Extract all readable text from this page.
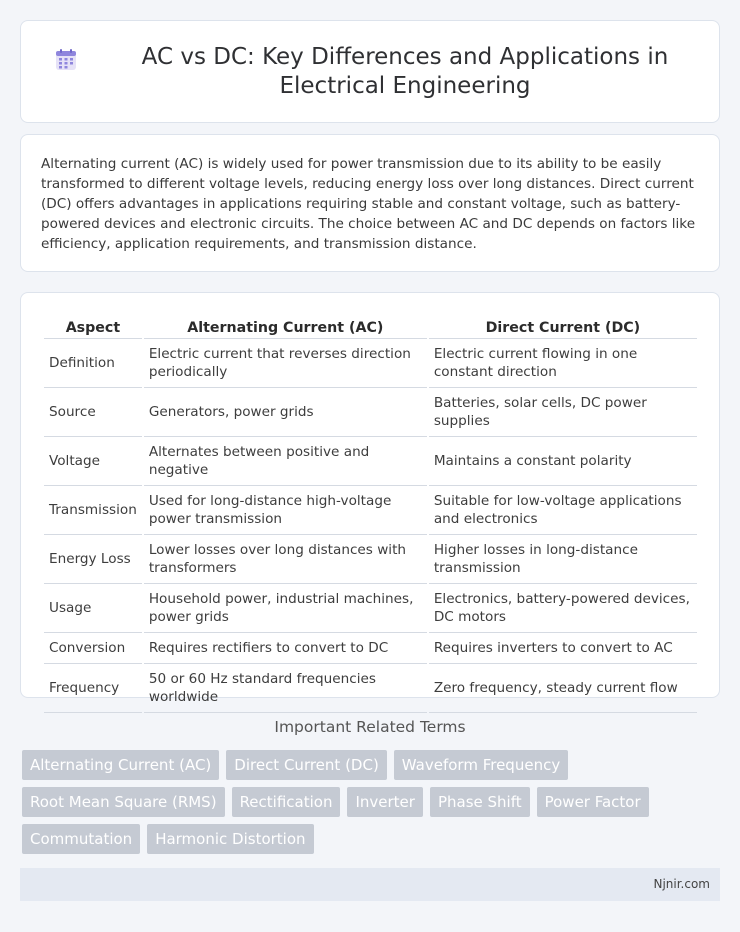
AC vs DC: Key Differences and Applications in Electrical Engineering

Alternating current (AC) is widely used for power transmission due to its ability to be easily transformed to different voltage levels, reducing energy loss over long distances. Direct current (DC) offers advantages in applications requiring stable and constant voltage, such as battery-powered devices and electronic circuits. The choice between AC and DC depends on factors like efficiency, application requirements, and transmission distance.

Aspect	Alternating Current (AC)	Direct Current (DC)
Definition	Electric current that reverses direction periodically	Electric current flowing in one constant direction
Source	Generators, power grids	Batteries, solar cells, DC power supplies
Voltage	Alternates between positive and negative	Maintains a constant polarity
Transmission	Used for long-distance high-voltage power transmission	Suitable for low-voltage applications and electronics
Energy Loss	Lower losses over long distances with transformers	Higher losses in long-distance transmission
Usage	Household power, industrial machines, power grids	Electronics, battery-powered devices, DC motors
Conversion	Requires rectifiers to convert to DC	Requires inverters to convert to AC
Frequency	50 or 60 Hz standard frequencies worldwide	Zero frequency, steady current flow
Important Related Terms
Alternating Current (AC)	Direct Current (DC)	Waveform Frequency
Root Mean Square (RMS)	Rectification	Inverter	Phase Shift	Power Factor
Commutation	Harmonic Distortion
Njnir.com
